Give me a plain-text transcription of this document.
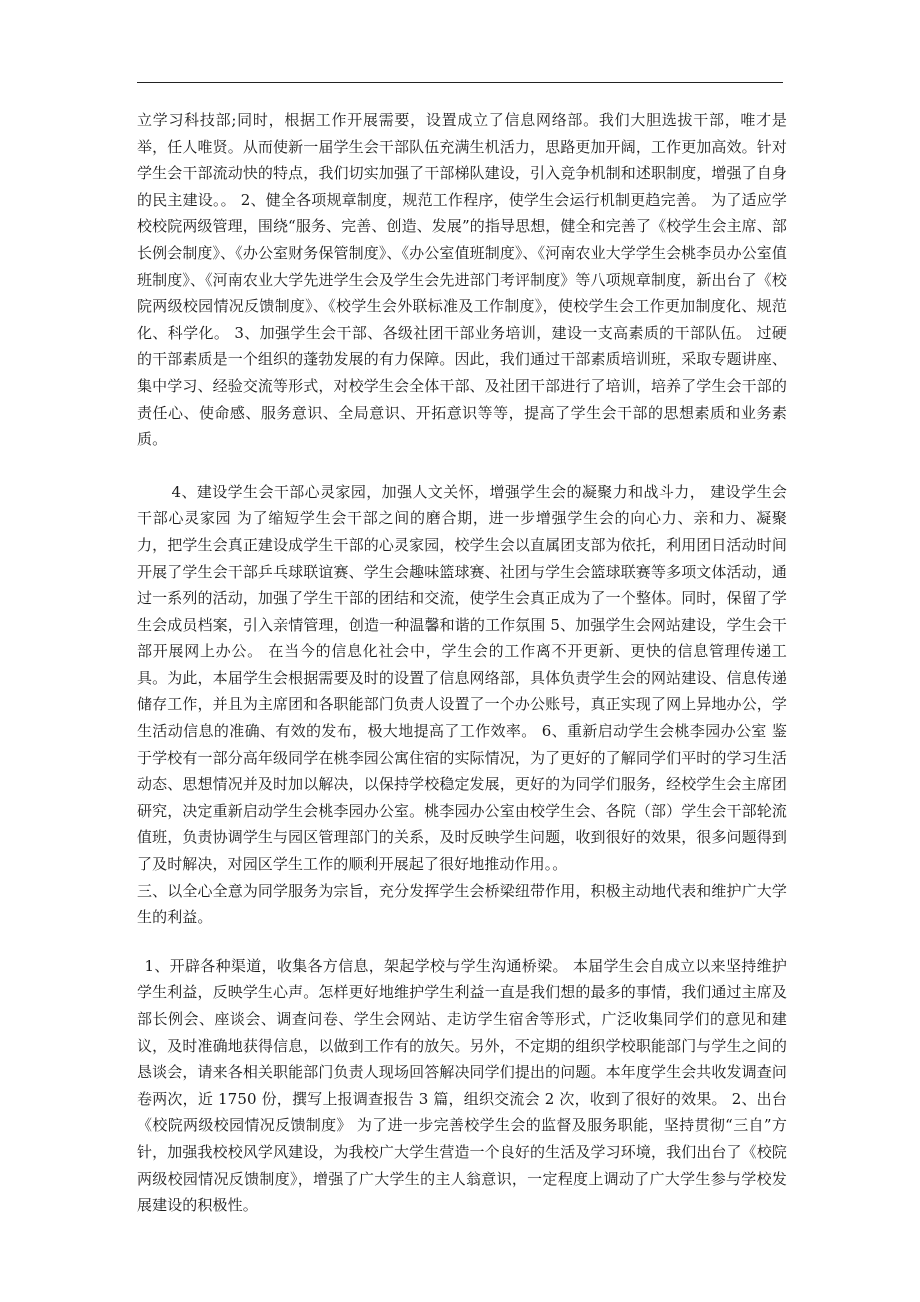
立学习科技部;同时，根据工作开展需要，设置成立了信息网络部。我们大胆选拔干部，唯才是举，任人唯贤。从而使新一届学生会干部队伍充满生机活力，思路更加开阔，工作更加高效。针对学生会干部流动快的特点，我们切实加强了干部梯队建设，引入竞争机制和述职制度，增强了自身的民主建设。。 2、健全各项规章制度，规范工作程序，使学生会运行机制更趋完善。 为了适应学校校院两级管理，围绕“服务、完善、创造、发展”的指导思想，健全和完善了《校学生会主席、部长例会制度》、《办公室财务保管制度》、《办公室值班制度》、《河南农业大学学生会桃李员办公室值班制度》、《河南农业大学先进学生会及学生会先进部门考评制度》等八项规章制度，新出台了《校院两级校园情况反馈制度》、《校学生会外联标准及工作制度》，使校学生会工作更加制度化、规范化、科学化。 3、加强学生会干部、各级社团干部业务培训，建设一支高素质的干部队伍。 过硬的干部素质是一个组织的蓬勃发展的有力保障。因此，我们通过干部素质培训班，采取专题讲座、集中学习、经验交流等形式，对校学生会全体干部、及社团干部进行了培训，培养了学生会干部的责任心、使命感、服务意识、全局意识、开拓意识等等，提高了学生会干部的思想素质和业务素质。

4、建设学生会干部心灵家园，加强人文关怀，增强学生会的凝聚力和战斗力， 建设学生会干部心灵家园 为了缩短学生会干部之间的磨合期，进一步增强学生会的向心力、亲和力、凝聚力，把学生会真正建设成学生干部的心灵家园，校学生会以直属团支部为依托，利用团日活动时间开展了学生会干部乒乓球联谊赛、学生会趣味篮球赛、社团与学生会篮球联赛等多项文体活动，通过一系列的活动，加强了学生干部的团结和交流，使学生会真正成为了一个整体。同时，保留了学生会成员档案，引入亲情管理，创造一种温馨和谐的工作氛围 5、加强学生会网站建设，学生会干部开展网上办公。 在当今的信息化社会中，学生会的工作离不开更新、更快的信息管理传递工具。为此，本届学生会根据需要及时的设置了信息网络部，具体负责学生会的网站建设、信息传递储存工作，并且为主席团和各职能部门负责人设置了一个办公账号，真正实现了网上异地办公，学生活动信息的准确、有效的发布，极大地提高了工作效率。 6、重新启动学生会桃李园办公室 鉴于学校有一部分高年级同学在桃李园公寓住宿的实际情况，为了更好的了解同学们平时的学习生活动态、思想情况并及时加以解决，以保持学校稳定发展，更好的为同学们服务，经校学生会主席团研究，决定重新启动学生会桃李园办公室。桃李园办公室由校学生会、各院（部）学生会干部轮流值班，负责协调学生与园区管理部门的关系，及时反映学生问题，收到很好的效果，很多问题得到了及时解决，对园区学生工作的顺利开展起了很好地推动作用。。

三、以全心全意为同学服务为宗旨，充分发挥学生会桥梁纽带作用，积极主动地代表和维护广大学生的利益。

1、开辟各种渠道，收集各方信息，架起学校与学生沟通桥梁。 本届学生会自成立以来坚持维护学生利益，反映学生心声。怎样更好地维护学生利益一直是我们想的最多的事情，我们通过主席及部长例会、座谈会、调查问卷、学生会网站、走访学生宿舍等形式，广泛收集同学们的意见和建议，及时准确地获得信息，以做到工作有的放矢。另外，不定期的组织学校职能部门与学生之间的恳谈会，请来各相关职能部门负责人现场回答解决同学们提出的问题。本年度学生会共收发调查问卷两次，近 1750 份，撰写上报调查报告 3 篇，组织交流会 2 次，收到了很好的效果。 2、出台《校院两级校园情况反馈制度》 为了进一步完善校学生会的监督及服务职能，坚持贯彻“三自”方针，加强我校校风学风建设，为我校广大学生营造一个良好的生活及学习环境，我们出台了《校院两级校园情况反馈制度》，增强了广大学生的主人翁意识，一定程度上调动了广大学生参与学校发展建设的积极性。
